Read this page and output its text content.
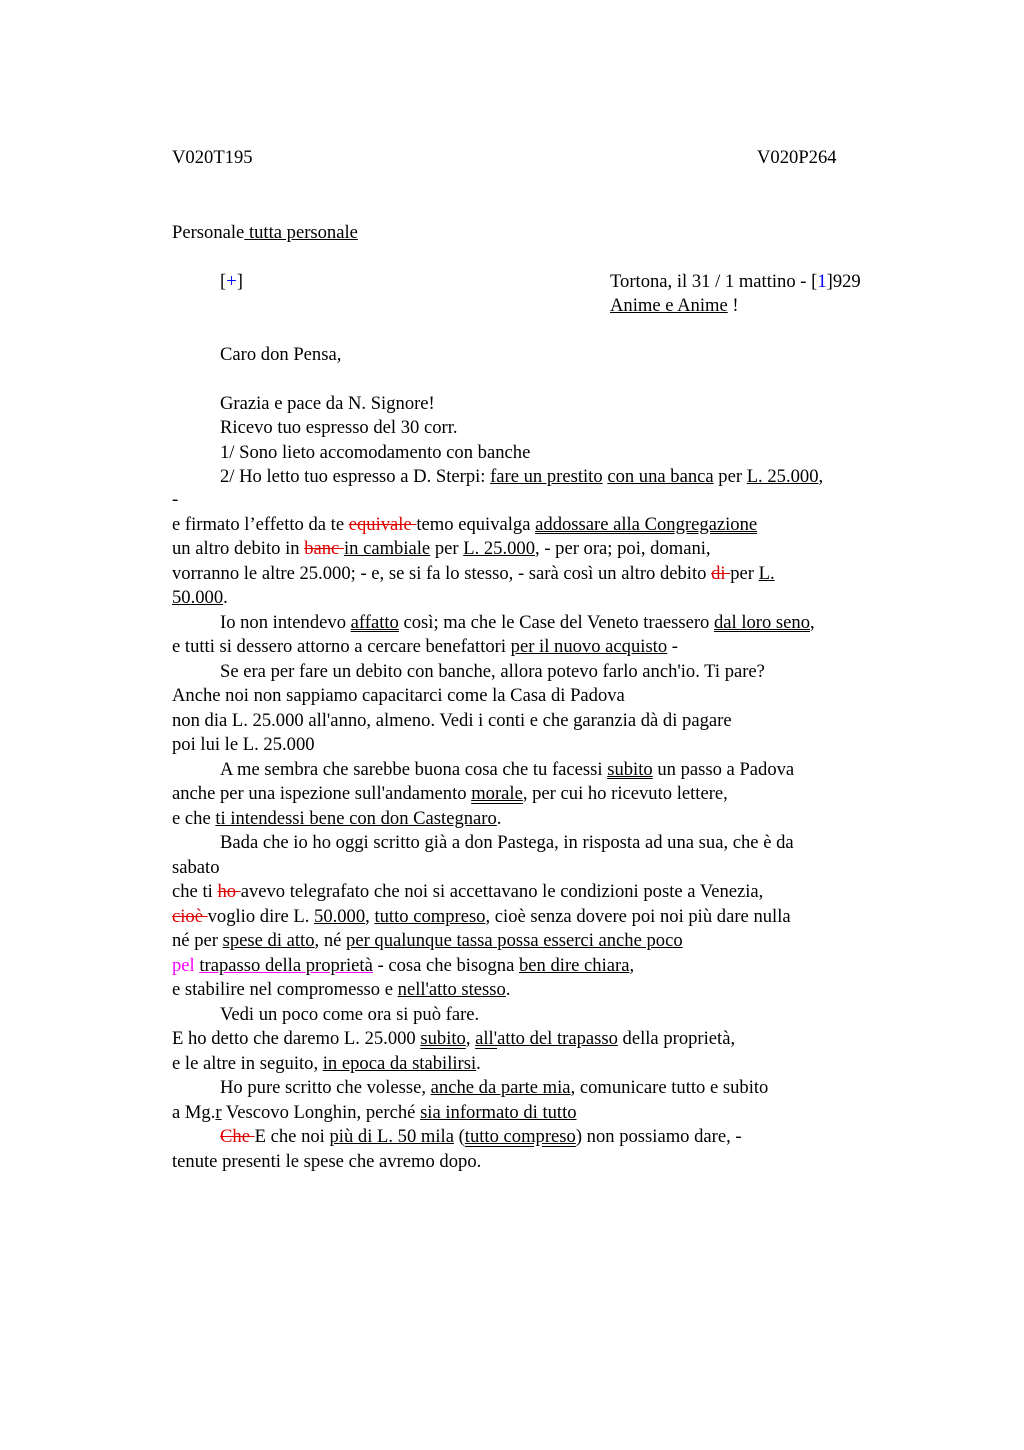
V020T195	V020P264
Personale tutta personale
[+]	Tortona, il 31 / 1 mattino - [1]929
Anime e Anime !
Caro don Pensa,
Grazia e pace da N. Signore!
Ricevo tuo espresso del 30 corr.
1/ Sono lieto accomodamento con banche
2/ Ho letto tuo espresso a D. Sterpi: fare un prestito con una banca per L. 25.000,
-
e firmato l’effetto da te equivale temo equivalga addossare alla Congregazione
un altro debito in banc in cambiale per L. 25.000, - per ora; poi, domani,
vorranno le altre 25.000; - e, se si fa lo stesso, - sarà così un altro debito di per L.
50.000.
Io non intendevo affatto così; ma che le Case del Veneto traessero dal loro seno,
e tutti si dessero attorno a cercare benefattori per il nuovo acquisto -
Se era per fare un debito con banche, allora potevo farlo anch'io. Ti pare?
Anche noi non sappiamo capacitarci come la Casa di Padova
non dia L. 25.000 all'anno, almeno. Vedi i conti e che garanzia dà di pagare
poi lui le L. 25.000
A me sembra che sarebbe buona cosa che tu facessi subito un passo a Padova
anche per una ispezione sull'andamento morale, per cui ho ricevuto lettere,
e che ti intendessi bene con don Castegnaro.
Bada che io ho oggi scritto già a don Pastega, in risposta ad una sua, che è da
sabato
che ti ho avevo telegrafato che noi si accettavano le condizioni poste a Venezia,
cioè voglio dire L. 50.000, tutto compreso, cioè senza dovere poi noi più dare nulla
né per spese di atto, né per qualunque tassa possa esserci anche poco
pel trapasso della proprietà - cosa che bisogna ben dire chiara,
e stabilire nel compromesso e nell'atto stesso.
Vedi un poco come ora si può fare.
E ho detto che daremo L. 25.000 subito, all'atto del trapasso della proprietà,
e le altre in seguito, in epoca da stabilirsi.
Ho pure scritto che volesse, anche da parte mia, comunicare tutto e subito
a Mg.r Vescovo Longhin, perché sia informato di tutto
Che E che noi più di L. 50 mila (tutto compreso) non possiamo dare, -
tenute presenti le spese che avremo dopo.
